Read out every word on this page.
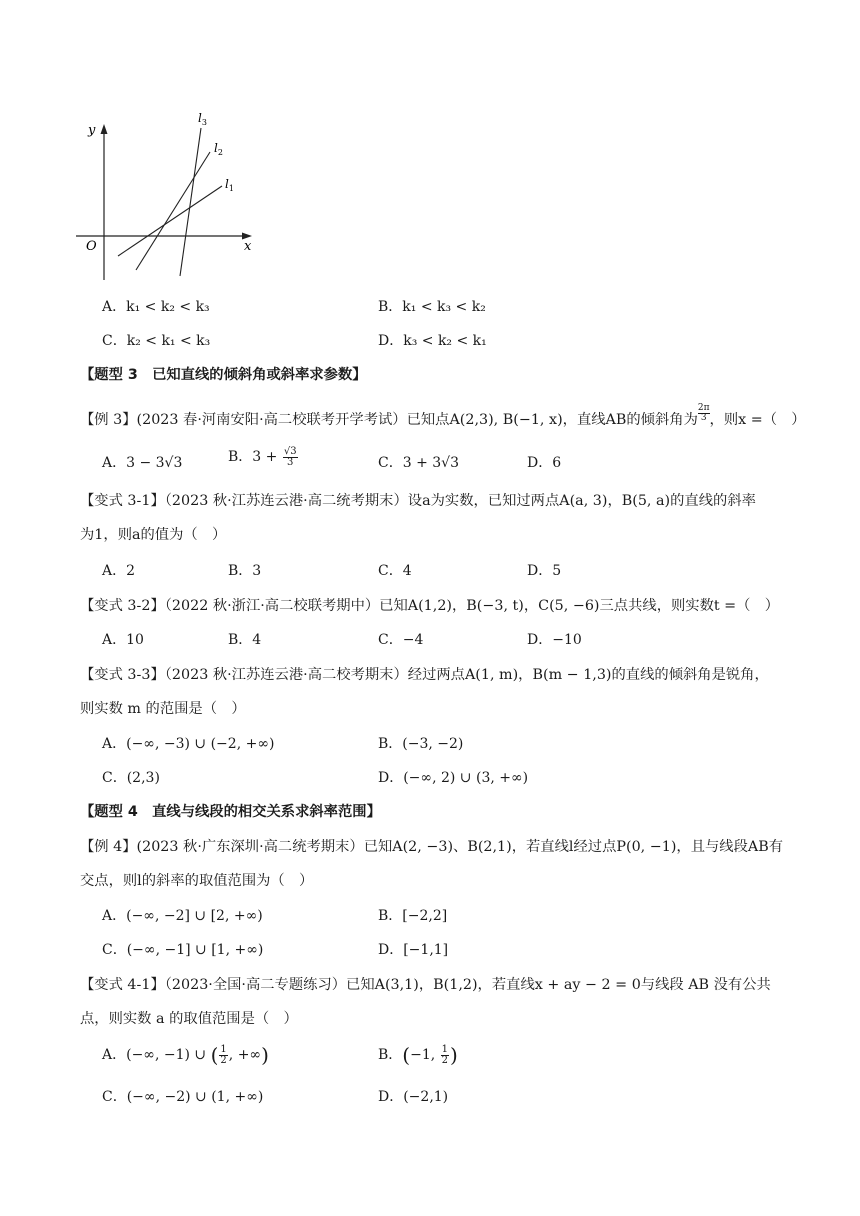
y
x
O
$l_3$
$l_2$
$l_1$
A．k₁ < k₂ < k₃	B．k₁ < k₃ < k₂
C．k₂ < k₁ < k₃	D．k₃ < k₂ < k₁
【题型 3　已知直线的倾斜角或斜率求参数】
【例 3】(2023 春·河南安阳·高二校联考开学考试）已知点A(2,3), B(−1, x)，直线AB的倾斜角为 $\frac{2\pi}{3}$，则x =（　）
A．3 − 3√3	B．$3 + \frac{√3}{3}$	C．3 + 3√3	D．6
【变式 3-1】（2023 秋·江苏连云港·高二统考期末）设a为实数，已知过两点A(a, 3)，B(5, a)的直线的斜率
为1，则a的值为（　）
A．2	B．3	C．4	D．5
【变式 3-2】（2022 秋·浙江·高二校联考期中）已知A(1,2)，B(−3, t)，C(5, −6)三点共线，则实数t =（　）
A．10	B．4	C．−4	D．−10
【变式 3-3】（2023 秋·江苏连云港·高二校考期末）经过两点A(1, m)，B(m − 1,3)的直线的倾斜角是锐角，
则实数 m 的范围是（　）
A．(−∞, −3) ∪ (−2, +∞)	B．(−3, −2)
C．(2,3)	D．(−∞, 2) ∪ (3, +∞)
【题型 4　直线与线段的相交关系求斜率范围】
【例 4】(2023 秋·广东深圳·高二统考期末）已知A(2, −3)、B(2,1)，若直线l经过点P(0, −1)，且与线段AB有
交点，则l的斜率的取值范围为（　）
A．(−∞, −2] ∪ [2, +∞)	B．[−2,2]
C．(−∞, −1] ∪ [1, +∞)	D．[−1,1]
【变式 4-1】（2023·全国·高二专题练习）已知A(3,1)，B(1,2)，若直线x + ay − 2 = 0与线段 AB 没有公共
点，则实数 a 的取值范围是（　）
A．(−∞, −1) ∪ ( $\frac{1}{2}$ , +∞)	B．(−1, $\frac{1}{2}$ )
C．(−∞, −2) ∪ (1, +∞)	D．(−2,1)
